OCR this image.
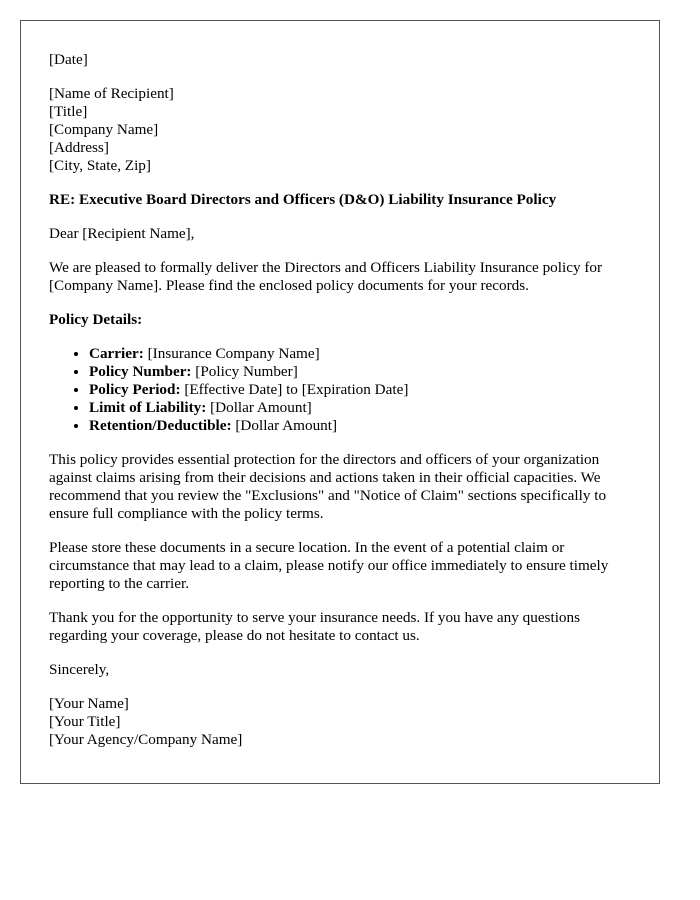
[Date]
[Name of Recipient]
[Title]
[Company Name]
[Address]
[City, State, Zip]

RE: Executive Board Directors and Officers (D&O) Liability Insurance Policy

Dear [Recipient Name],

We are pleased to formally deliver the Directors and Officers Liability Insurance policy for [Company Name]. Please find the enclosed policy documents for your records.

Policy Details:

• Carrier: [Insurance Company Name]
• Policy Number: [Policy Number]
• Policy Period: [Effective Date] to [Expiration Date]
• Limit of Liability: [Dollar Amount]
• Retention/Deductible: [Dollar Amount]

This policy provides essential protection for the directors and officers of your organization against claims arising from their decisions and actions taken in their official capacities. We recommend that you review the "Exclusions" and "Notice of Claim" sections specifically to ensure full compliance with the policy terms.

Please store these documents in a secure location. In the event of a potential claim or circumstance that may lead to a claim, please notify our office immediately to ensure timely reporting to the carrier.

Thank you for the opportunity to serve your insurance needs. If you have any questions regarding your coverage, please do not hesitate to contact us.

Sincerely,

[Your Name]
[Your Title]
[Your Agency/Company Name]
